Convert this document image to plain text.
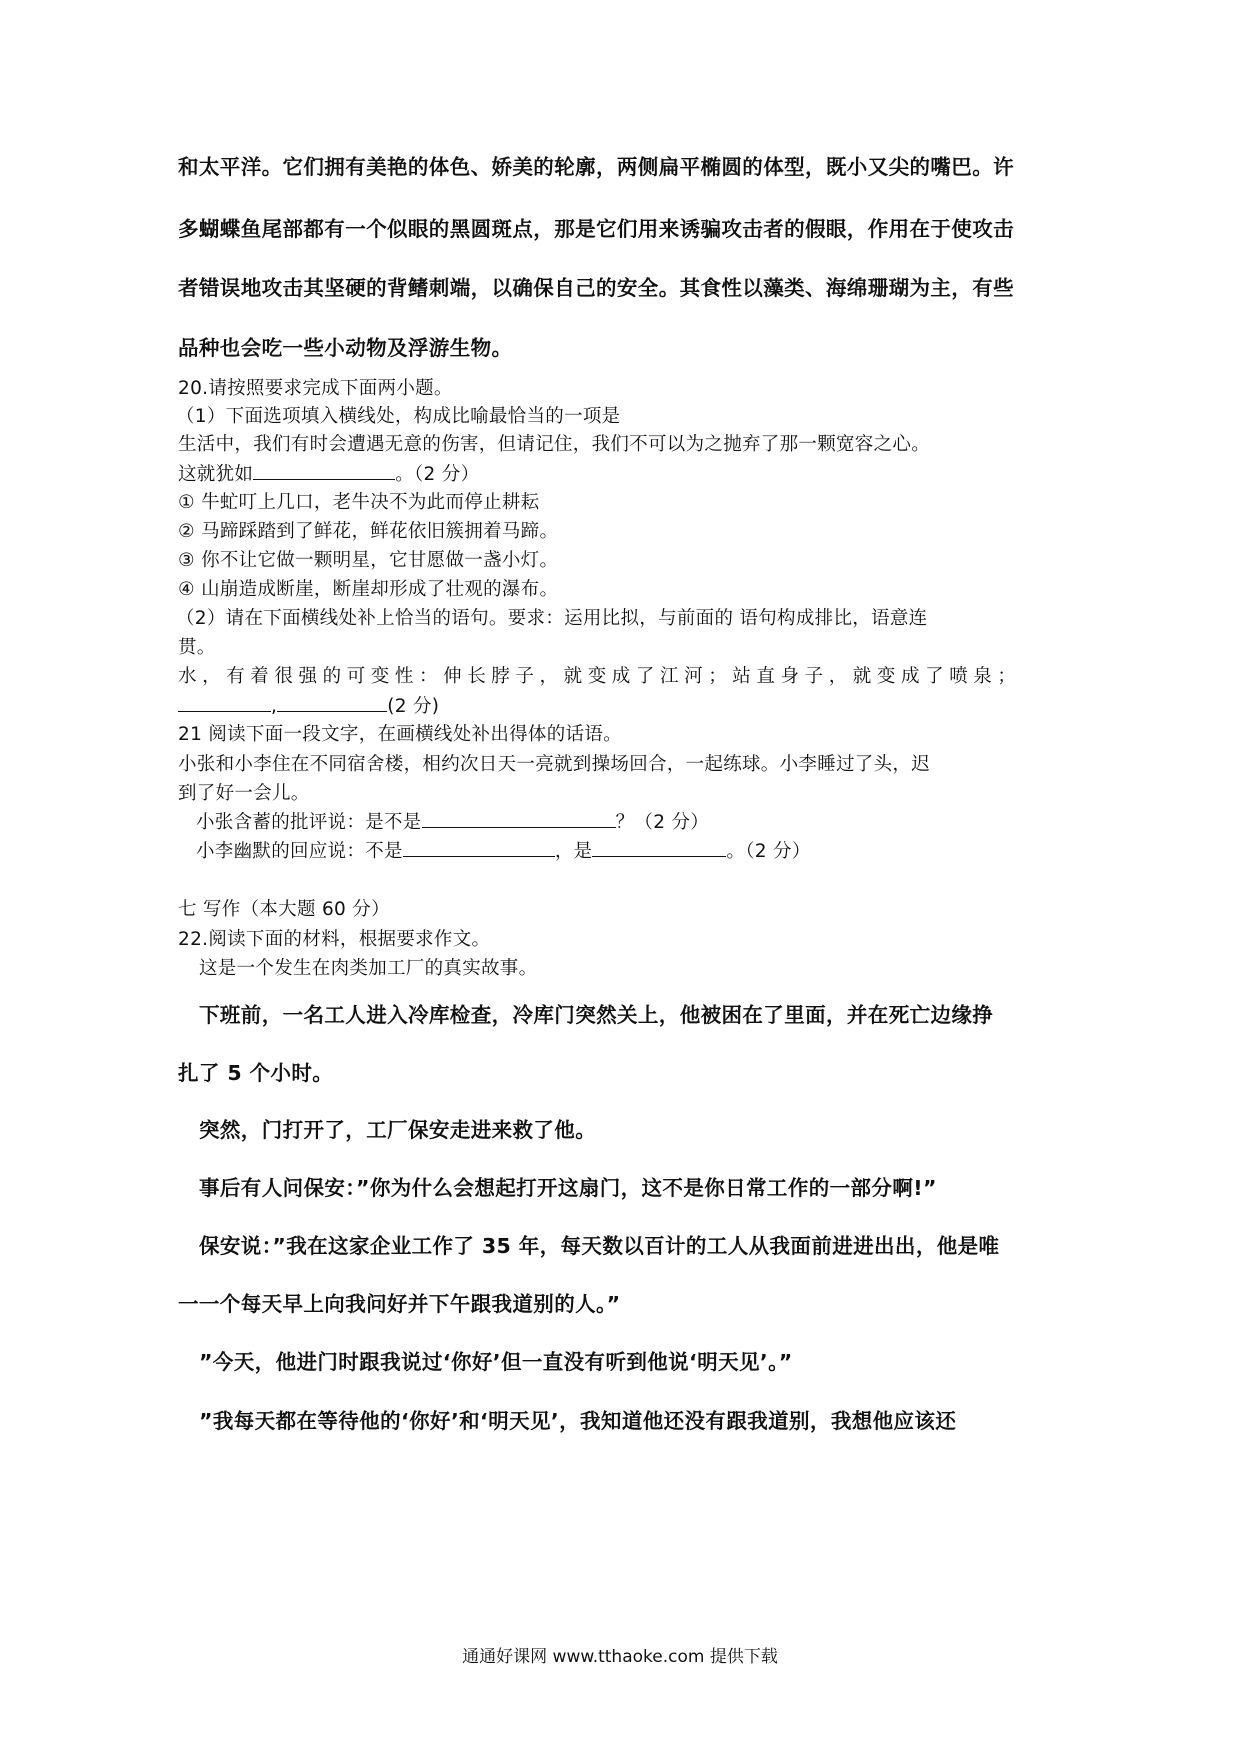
和太平洋。它们拥有美艳的体色、娇美的轮廓，两侧扁平椭圆的体型，既小又尖的嘴巴。许
多蝴蝶鱼尾部都有一个似眼的黑圆斑点，那是它们用来诱骗攻击者的假眼，作用在于使攻击
者错误地攻击其坚硬的背鳍刺端，以确保自己的安全。其食性以藻类、海绵珊瑚为主，有些
品种也会吃一些小动物及浮游生物。
20.请按照要求完成下面两小题。
（1）下面选项填入横线处，构成比喻最恰当的一项是
生活中，我们有时会遭遇无意的伤害，但请记住，我们不可以为之抛弃了那一颗宽容之心。
这就犹如	。（2 分）
① 牛虻叮上几口，老牛决不为此而停止耕耘
② 马蹄踩踏到了鲜花，鲜花依旧簇拥着马蹄。
③ 你不让它做一颗明星，它甘愿做一盏小灯。
④ 山崩造成断崖，断崖却形成了壮观的瀑布。
（2）请在下面横线处补上恰当的语句。要求：运用比拟，与前面的 语句构成排比，语意连
贯。
水，有着很强的可变性：伸长脖子，就变成了江河；站直身子，就变成了喷泉；
,	(2 分)
21 阅读下面一段文字，在画横线处补出得体的话语。
小张和小李住在不同宿舍楼，相约次日天一亮就到操场回合，一起练球。小李睡过了头，迟
到了好一会儿。
小张含蓄的批评说：是不是	？（2 分）
小李幽默的回应说：不是	，是	。（2 分）
七 写作（本大题 60 分）
22.阅读下面的材料，根据要求作文。
这是一个发生在肉类加工厂的真实故事。
下班前，一名工人进入冷库检查，冷库门突然关上，他被困在了里面，并在死亡边缘挣
扎了 5 个小时。
突然，门打开了，工厂保安走进来救了他。
事后有人问保安：”你为什么会想起打开这扇门，这不是你日常工作的一部分啊!”
保安说：”我在这家企业工作了 35 年，每天数以百计的工人从我面前进进出出，他是唯
一一个每天早上向我问好并下午跟我道别的人。”
”今天，他进门时跟我说过‘你好’但一直没有听到他说‘明天见’。”
”我每天都在等待他的‘你好’和‘明天见’，我知道他还没有跟我道别，我想他应该还
通通好课网 www.tthaoke.com 提供下载
